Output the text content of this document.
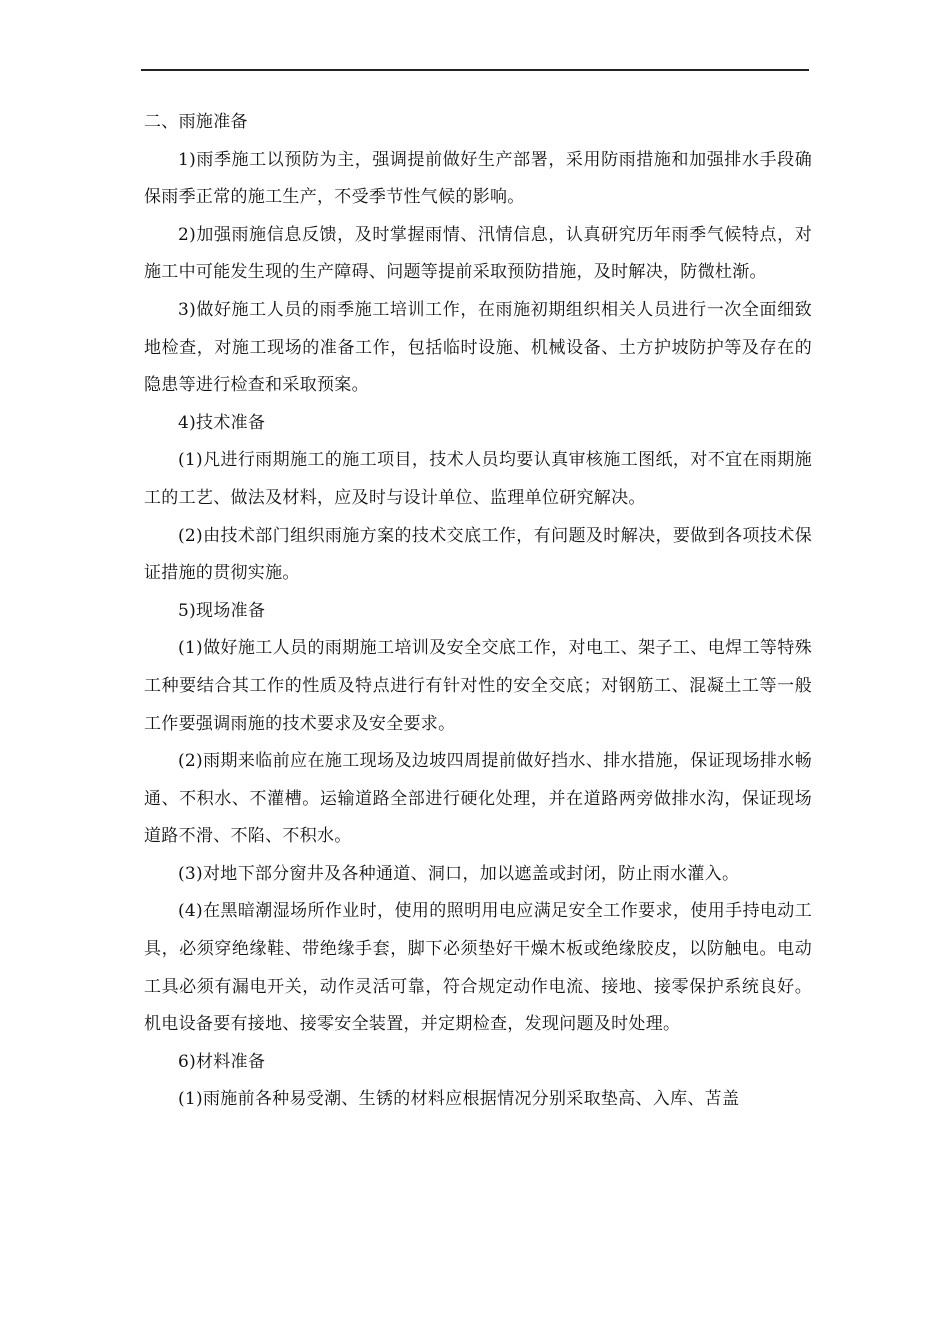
二、雨施准备

1)雨季施工以预防为主，强调提前做好生产部署，采用防雨措施和加强排水手段确保雨季正常的施工生产，不受季节性气候的影响。

2)加强雨施信息反馈，及时掌握雨情、汛情信息，认真研究历年雨季气候特点，对施工中可能发生现的生产障碍、问题等提前采取预防措施，及时解决，防微杜渐。

3)做好施工人员的雨季施工培训工作，在雨施初期组织相关人员进行一次全面细致地检查，对施工现场的准备工作，包括临时设施、机械设备、土方护坡防护等及存在的隐患等进行检查和采取预案。

4)技术准备

(1)凡进行雨期施工的施工项目，技术人员均要认真审核施工图纸，对不宜在雨期施工的工艺、做法及材料，应及时与设计单位、监理单位研究解决。

(2)由技术部门组织雨施方案的技术交底工作，有问题及时解决，要做到各项技术保证措施的贯彻实施。

5)现场准备

(1)做好施工人员的雨期施工培训及安全交底工作，对电工、架子工、电焊工等特殊工种要结合其工作的性质及特点进行有针对性的安全交底；对钢筋工、混凝土工等一般工作要强调雨施的技术要求及安全要求。

(2)雨期来临前应在施工现场及边坡四周提前做好挡水、排水措施，保证现场排水畅通、不积水、不灌槽。运输道路全部进行硬化处理，并在道路两旁做排水沟，保证现场道路不滑、不陷、不积水。

(3)对地下部分窗井及各种通道、洞口，加以遮盖或封闭，防止雨水灌入。

(4)在黑暗潮湿场所作业时，使用的照明用电应满足安全工作要求，使用手持电动工具，必须穿绝缘鞋、带绝缘手套，脚下必须垫好干燥木板或绝缘胶皮，以防触电。电动工具必须有漏电开关，动作灵活可靠，符合规定动作电流、接地、接零保护系统良好。机电设备要有接地、接零安全装置，并定期检查，发现问题及时处理。

6)材料准备

(1)雨施前各种易受潮、生锈的材料应根据情况分别采取垫高、入库、苫盖
